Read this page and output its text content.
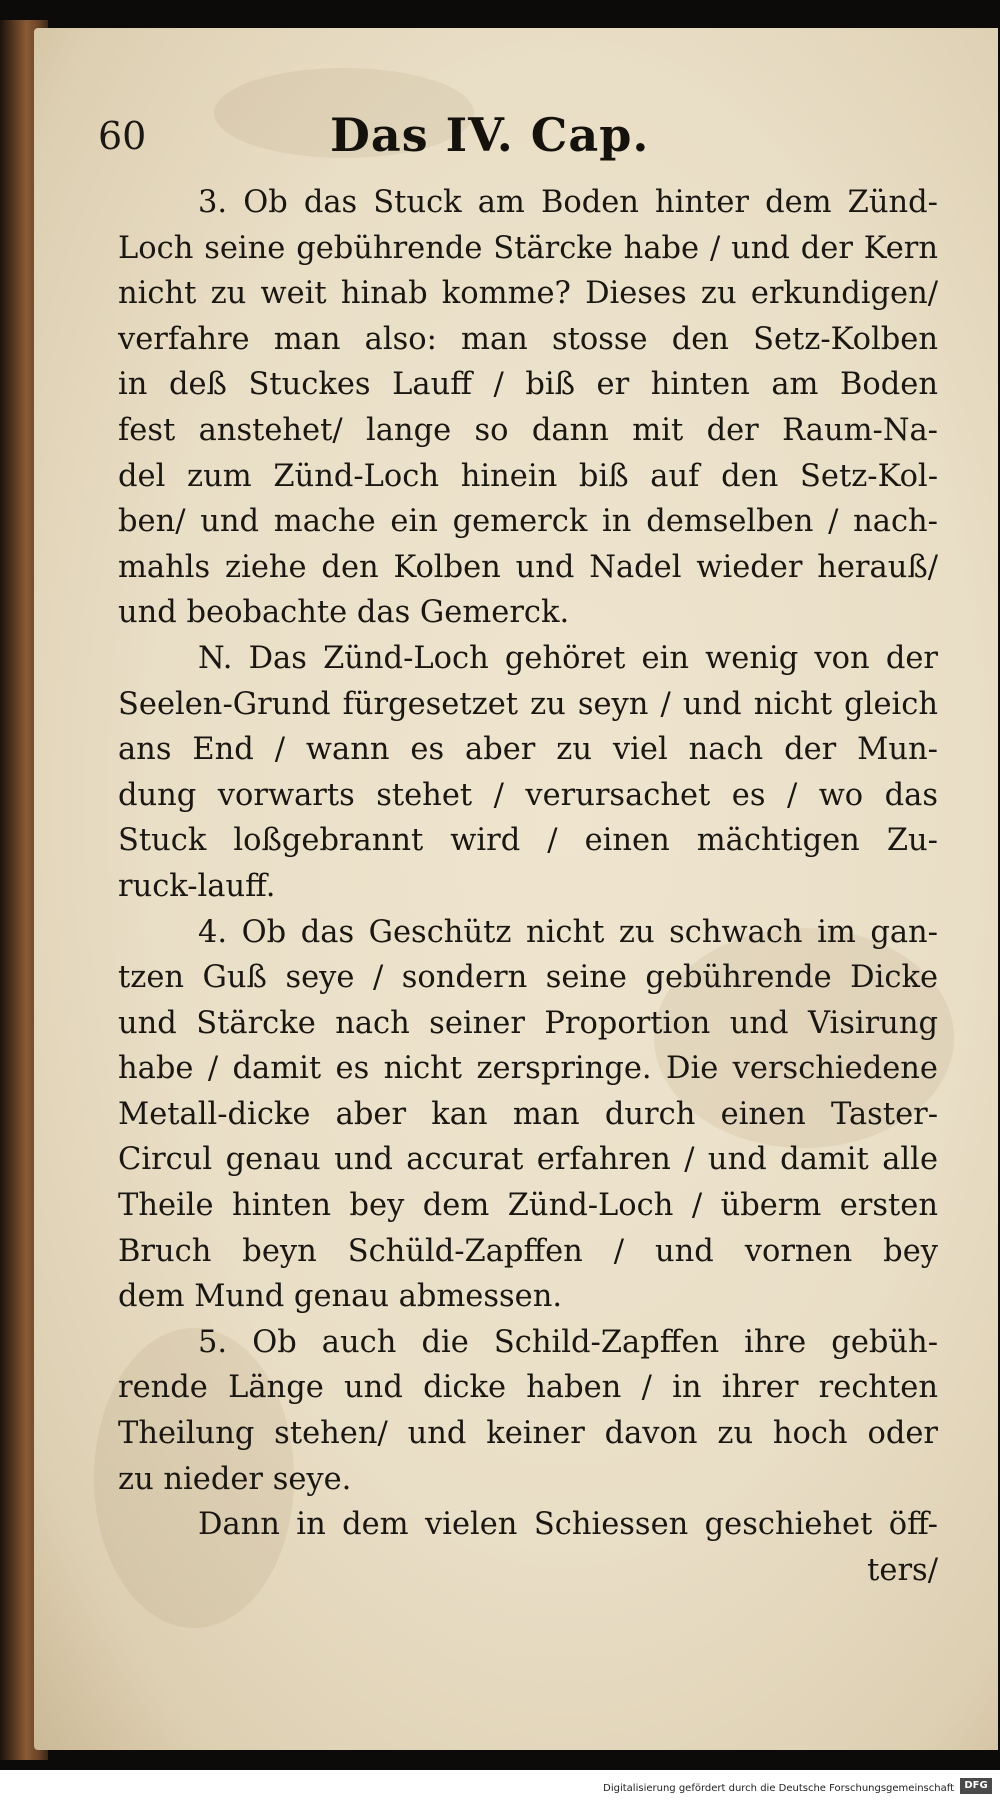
60	Das IV. Cap.
3. Ob das Stuck am Boden hinter dem Zünd-
Loch seine gebührende Stärcke habe / und der Kern
nicht zu weit hinab komme? Dieses zu erkundigen/
verfahre man also: man stosse den Setz-Kolben
in deß Stuckes Lauff / biß er hinten am Boden
fest anstehet/ lange so dann mit der Raum-Na-
del zum Zünd-Loch hinein biß auf den Setz-Kol-
ben/ und mache ein gemerck in demselben / nach-
mahls ziehe den Kolben und Nadel wieder herauß/
und beobachte das Gemerck.
N. Das Zünd-Loch gehöret ein wenig von der
Seelen-Grund fürgesetzet zu seyn / und nicht gleich
ans End / wann es aber zu viel nach der Mun-
dung vorwarts stehet / verursachet es / wo das
Stuck loßgebrannt wird / einen mächtigen Zu-
ruck-lauff.
4. Ob das Geschütz nicht zu schwach im gan-
tzen Guß seye / sondern seine gebührende Dicke
und Stärcke nach seiner Proportion und Visirung
habe / damit es nicht zerspringe. Die verschiedene
Metall-dicke aber kan man durch einen Taster-
Circul genau und accurat erfahren / und damit alle
Theile hinten bey dem Zünd-Loch / überm ersten
Bruch beyn Schüld-Zapffen / und vornen bey
dem Mund genau abmessen.
5. Ob auch die Schild-Zapffen ihre gebüh-
rende Länge und dicke haben / in ihrer rechten
Theilung stehen/ und keiner davon zu hoch oder
zu nieder seye.
Dann in dem vielen Schiessen geschiehet öff-
ters/
Digitalisierung gefördert durch die Deutsche Forschungsgemeinschaft	DFG
